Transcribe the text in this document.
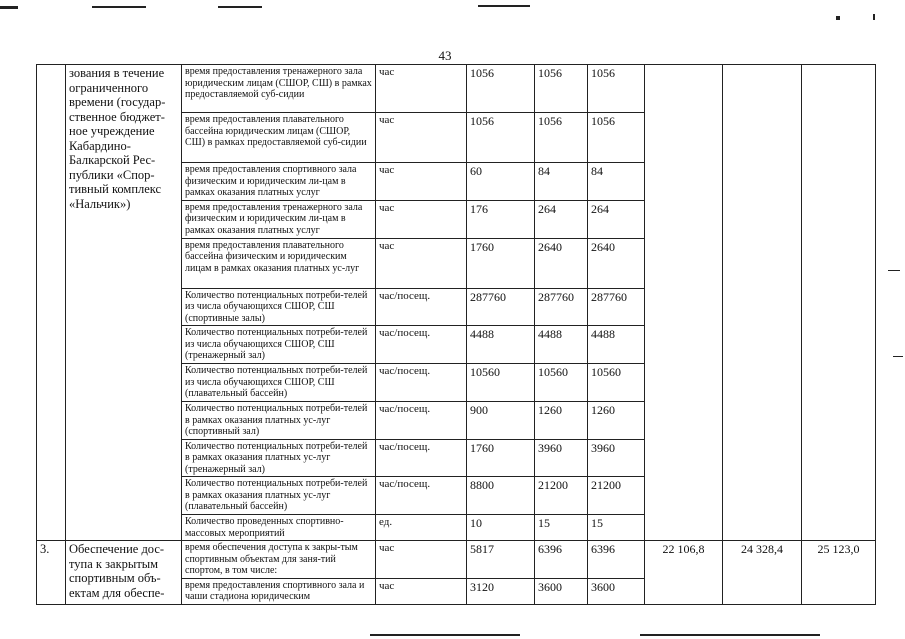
43
	зования в течение ограниченного времени (государ-ственное бюджет-ное учреждение Кабардино-Балкарской Рес-публики «Спор-тивный комплекс «Нальчик»)	время предоставления тренажерного зала юридическим лицам (СШОР, СШ) в рамках предоставляемой суб-сидии	час	1056	1056	1056			
		время предоставления плавательного бассейна юридическим лицам (СШОР, СШ) в рамках предоставляемой суб-сидии	час	1056	1056	1056			
		время предоставления спортивного зала физическим и юридическим ли-цам в рамках оказания платных услуг	час	60	84	84			
		время предоставления тренажерного зала физическим и юридическим ли-цам в рамках оказания платных услуг	час	176	264	264			
		время предоставления плавательного бассейна физическим и юридическим лицам в рамках оказания платных ус-луг	час	1760	2640	2640			
		Количество потенциальных потреби-телей из числа обучающихся СШОР, СШ (спортивные залы)	час/посещ.	287760	287760	287760			
		Количество потенциальных потреби-телей из числа обучающихся СШОР, СШ (тренажерный зал)	час/посещ.	4488	4488	4488			
		Количество потенциальных потреби-телей из числа обучающихся СШОР, СШ (плавательный бассейн)	час/посещ.	10560	10560	10560			
		Количество потенциальных потреби-телей в рамках оказания платных ус-луг (спортивный зал)	час/посещ.	900	1260	1260			
		Количество потенциальных потреби-телей в рамках оказания платных ус-луг (тренажерный зал)	час/посещ.	1760	3960	3960			
		Количество потенциальных потреби-телей в рамках оказания платных ус-луг (плавательный бассейн)	час/посещ.	8800	21200	21200			
		Количество проведенных спортивно-массовых мероприятий	ед.	10	15	15			
3.	Обеспечение дос-тупа к закрытым спортивным объ-ектам для обеспе-	время обеспечения доступа к закры-тым спортивным объектам для заня-тий спортом, в том числе:	час	5817	6396	6396	22 106,8	24 328,4	25 123,0
		время предоставления спортивного зала и чаши стадиона юридическим	час	3120	3600	3600			
